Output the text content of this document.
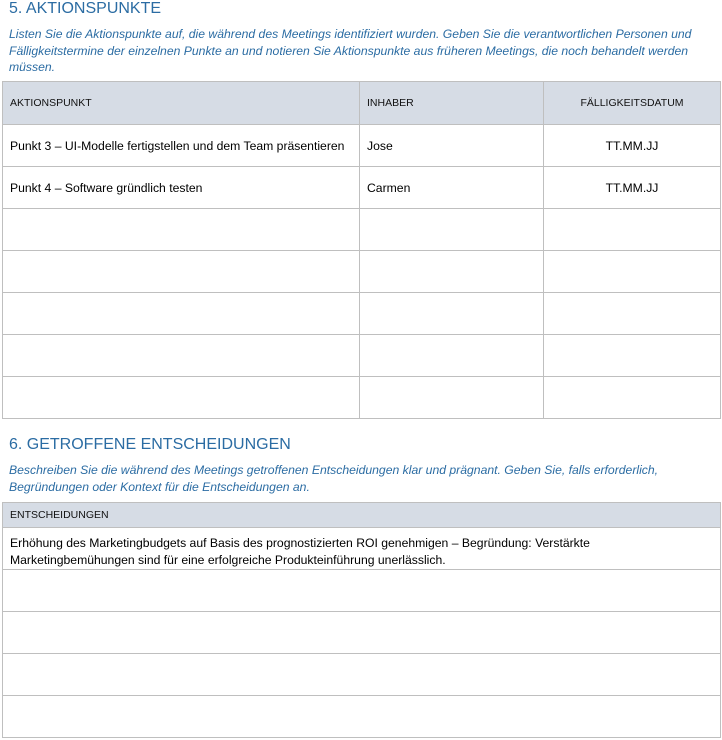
5. AKTIONSPUNKTE

Listen Sie die Aktionspunkte auf, die während des Meetings identifiziert wurden. Geben Sie die verantwortlichen Personen und Fälligkeitstermine der einzelnen Punkte an und notieren Sie Aktionspunkte aus früheren Meetings, die noch behandelt werden müssen.

AKTIONSPUNKT	INHABER	FÄLLIGKEITSDATUM
Punkt 3 – UI-Modelle fertigstellen und dem Team präsentieren	Jose	TT.MM.JJ
Punkt 4 – Software gründlich testen	Carmen	TT.MM.JJ

6. GETROFFENE ENTSCHEIDUNGEN

Beschreiben Sie die während des Meetings getroffenen Entscheidungen klar und prägnant. Geben Sie, falls erforderlich, Begründungen oder Kontext für die Entscheidungen an.

ENTSCHEIDUNGEN
Erhöhung des Marketingbudgets auf Basis des prognostizierten ROI genehmigen – Begründung: Verstärkte Marketingbemühungen sind für eine erfolgreiche Produkteinführung unerlässlich.
